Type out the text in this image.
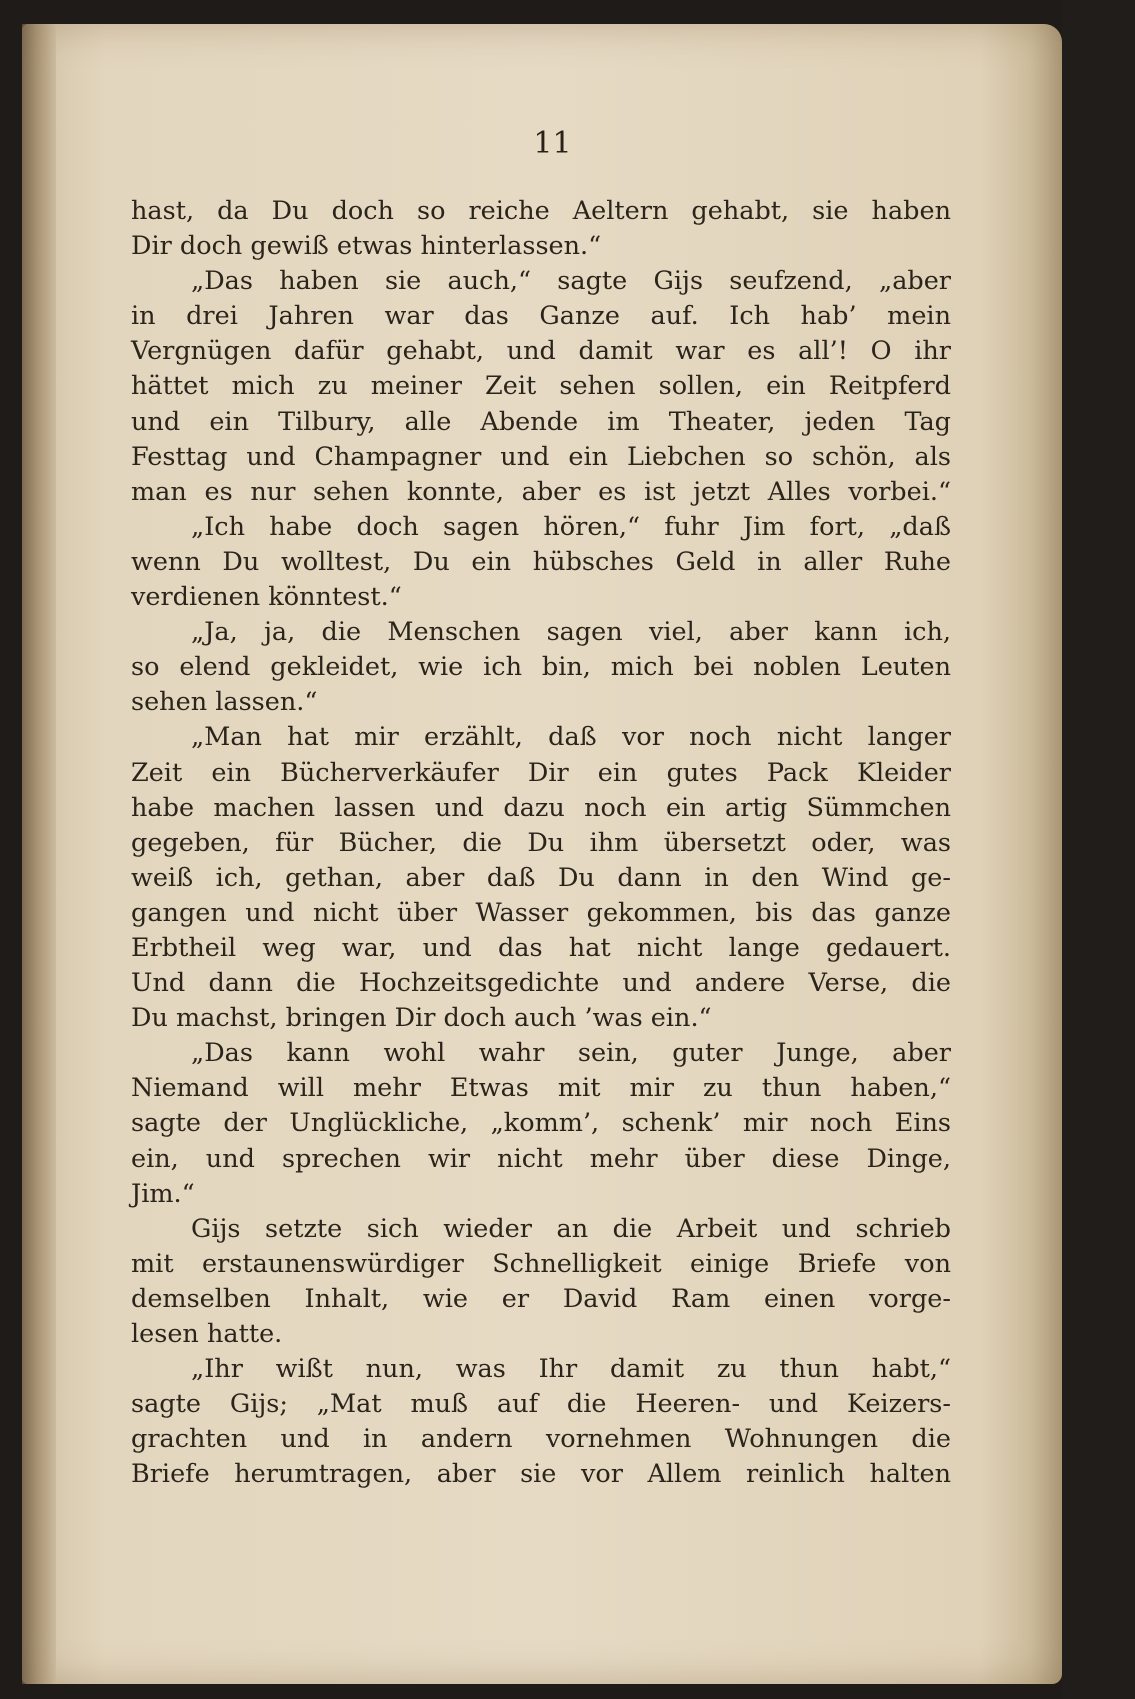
11
hast, da Du doch so reiche Aeltern gehabt, sie haben
Dir doch gewiß etwas hinterlassen.“
„Das haben sie auch,“ sagte Gijs seufzend, „aber
in drei Jahren war das Ganze auf. Ich hab’ mein
Vergnügen dafür gehabt, und damit war es all’! O ihr
hättet mich zu meiner Zeit sehen sollen, ein Reitpferd
und ein Tilbury, alle Abende im Theater, jeden Tag
Festtag und Champagner und ein Liebchen so schön, als
man es nur sehen konnte, aber es ist jetzt Alles vorbei.“
„Ich habe doch sagen hören,“ fuhr Jim fort, „daß
wenn Du wolltest, Du ein hübsches Geld in aller Ruhe
verdienen könntest.“
„Ja, ja, die Menschen sagen viel, aber kann ich,
so elend gekleidet, wie ich bin, mich bei noblen Leuten
sehen lassen.“
„Man hat mir erzählt, daß vor noch nicht langer
Zeit ein Bücherverkäufer Dir ein gutes Pack Kleider
habe machen lassen und dazu noch ein artig Sümmchen
gegeben, für Bücher, die Du ihm übersetzt oder, was
weiß ich, gethan, aber daß Du dann in den Wind ge-
gangen und nicht über Wasser gekommen, bis das ganze
Erbtheil weg war, und das hat nicht lange gedauert.
Und dann die Hochzeitsgedichte und andere Verse, die
Du machst, bringen Dir doch auch ’was ein.“
„Das kann wohl wahr sein, guter Junge, aber
Niemand will mehr Etwas mit mir zu thun haben,“
sagte der Unglückliche, „komm’, schenk’ mir noch Eins
ein, und sprechen wir nicht mehr über diese Dinge,
Jim.“
Gijs setzte sich wieder an die Arbeit und schrieb
mit erstaunenswürdiger Schnelligkeit einige Briefe von
demselben Inhalt, wie er David Ram einen vorge-
lesen hatte.
„Ihr wißt nun, was Ihr damit zu thun habt,“
sagte Gijs; „Mat muß auf die Heeren- und Keizers-
grachten und in andern vornehmen Wohnungen die
Briefe herumtragen, aber sie vor Allem reinlich halten
